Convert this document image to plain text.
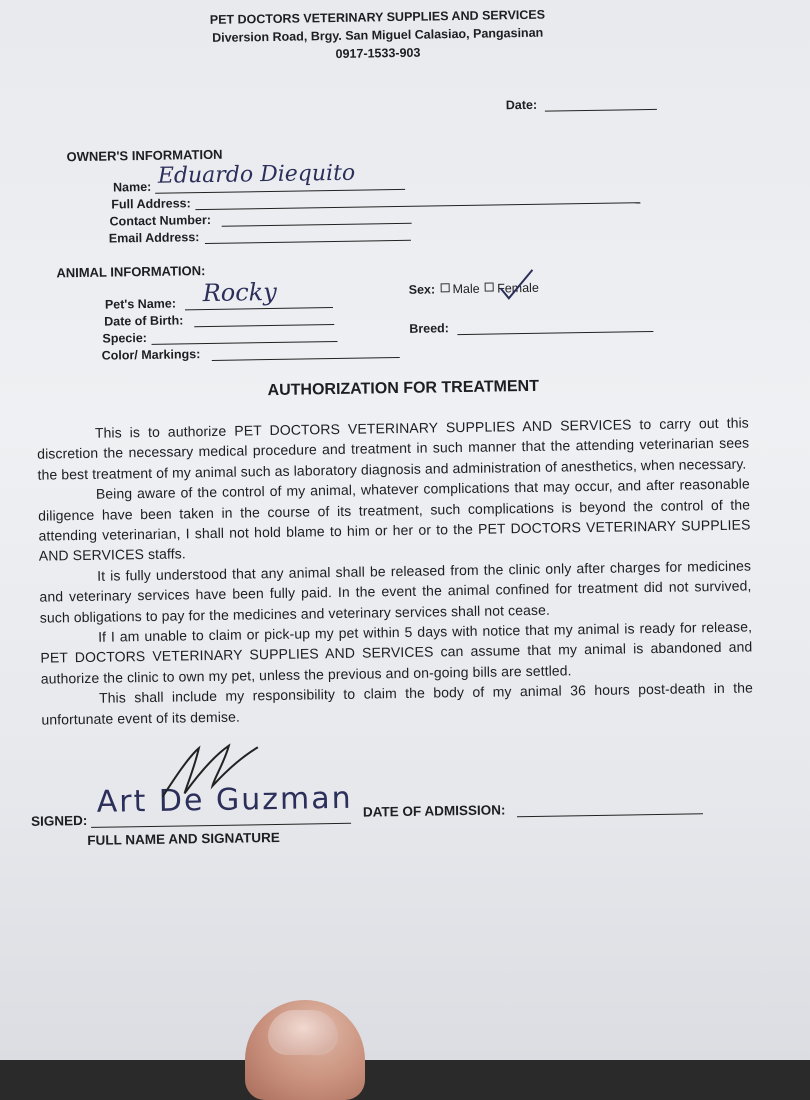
PET DOCTORS VETERINARY SUPPLIES AND SERVICES
Diversion Road, Brgy. San Miguel Calasiao, Pangasinan
0917-1533-903
Date:
OWNER'S INFORMATION
Name: Eduardo Diequito
Full Address:
Contact Number:
Email Address:
ANIMAL INFORMATION:
Pet's Name: Rocky
Date of Birth:
Specie:
Color/ Markings:
Sex: Male Female
Breed:
AUTHORIZATION FOR TREATMENT

This is to authorize PET DOCTORS VETERINARY SUPPLIES AND SERVICES to carry out this discretion the necessary medical procedure and treatment in such manner that the attending veterinarian sees the best treatment of my animal such as laboratory diagnosis and administration of anesthetics, when necessary.

Being aware of the control of my animal, whatever complications that may occur, and after reasonable diligence have been taken in the course of its treatment, such complications is beyond the control of the attending veterinarian, I shall not hold blame to him or her or to the PET DOCTORS VETERINARY SUPPLIES AND SERVICES staffs.

It is fully understood that any animal shall be released from the clinic only after charges for medicines and veterinary services have been fully paid. In the event the animal confined for treatment did not survived, such obligations to pay for the medicines and veterinary services shall not cease.

If I am unable to claim or pick-up my pet within 5 days with notice that my animal is ready for release, PET DOCTORS VETERINARY SUPPLIES AND SERVICES can assume that my animal is abandoned and authorize the clinic to own my pet, unless the previous and on-going bills are settled.

This shall include my responsibility to claim the body of my animal 36 hours post-death in the unfortunate event of its demise.

SIGNED:
Art De Guzman
FULL NAME AND SIGNATURE
DATE OF ADMISSION:
